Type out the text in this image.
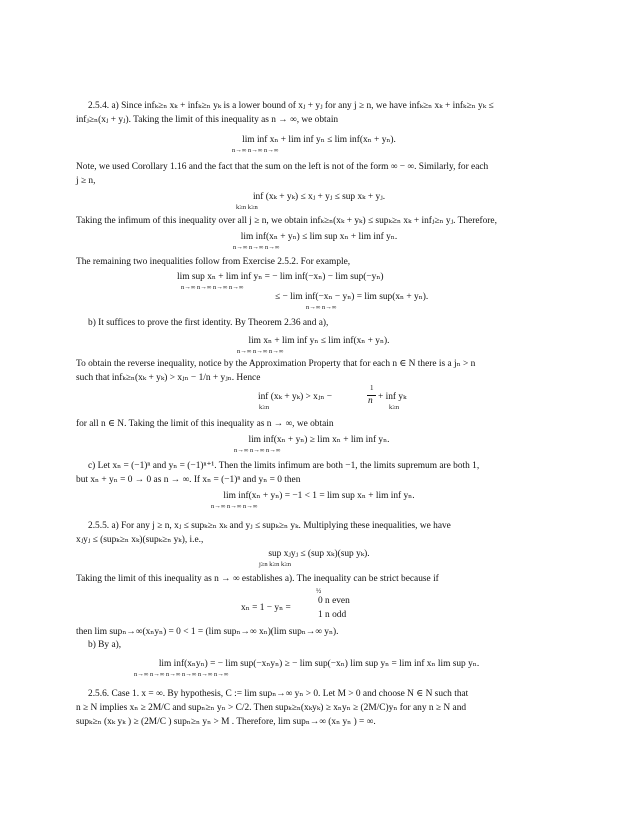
2.5.4. a) Since infₖ≥ₙ xₖ + infₖ≥ₙ yₖ is a lower bound of xⱼ + yⱼ for any j ≥ n, we have infₖ≥ₙ xₖ + infₖ≥ₙ yₖ ≤
infⱼ≥ₙ(xⱼ + yⱼ). Taking the limit of this inequality as n → ∞, we obtain
lim inf xₙ + lim inf yₙ ≤ lim inf(xₙ + yₙ).
n→∞ n→∞ n→∞
Note, we used Corollary 1.16 and the fact that the sum on the left is not of the form ∞ − ∞. Similarly, for each
j ≥ n,
inf (xₖ + yₖ) ≤ xⱼ + yⱼ ≤ sup xₖ + yⱼ.
k≥n k≥n
Taking the infimum of this inequality over all j ≥ n, we obtain infₖ≥ₙ(xₖ + yₖ) ≤ supₖ≥ₙ xₖ + infⱼ≥ₙ yⱼ. Therefore,
lim inf(xₙ + yₙ) ≤ lim sup xₙ + lim inf yₙ.
n→∞ n→∞ n→∞
The remaining two inequalities follow from Exercise 2.5.2. For example,
lim sup xₙ + lim inf yₙ = − lim inf(−xₙ) − lim sup(−yₙ)
n→∞ n→∞ n→∞ n→∞
≤ − lim inf(−xₙ − yₙ) = lim sup(xₙ + yₙ).
n→∞ n→∞
b) It suffices to prove the first identity. By Theorem 2.36 and a),
lim xₙ + lim inf yₙ ≤ lim inf(xₙ + yₙ).
n→∞ n→∞ n→∞
To obtain the reverse inequality, notice by the Approximation Property that for each n ∈ N there is a jₙ > n
such that infₖ≥ₙ(xₖ + yₖ) > xⱼₙ − 1/n + yⱼₙ. Hence
inf (xₖ + yₖ) > xⱼₙ −
1
n + inf yₖ
k≥n	k≥n
for all n ∈ N. Taking the limit of this inequality as n → ∞, we obtain
lim inf(xₙ + yₙ) ≥ lim xₙ + lim inf yₙ.
n→∞ n→∞ n→∞
c) Let xₙ = (−1)ⁿ and yₙ = (−1)ⁿ⁺¹. Then the limits infimum are both −1, the limits supremum are both 1,
but xₙ + yₙ = 0 → 0 as n → ∞. If xₙ = (−1)ⁿ and yₙ = 0 then
lim inf(xₙ + yₙ) = −1 < 1 = lim sup xₙ + lim inf yₙ.
n→∞ n→∞ n→∞
2.5.5. a) For any j ≥ n, xⱼ ≤ supₖ≥ₙ xₖ and yⱼ ≤ supₖ≥ₙ yₖ. Multiplying these inequalities, we have
xⱼyⱼ ≤ (supₖ≥ₙ xₖ)(supₖ≥ₙ yₖ), i.e.,
sup xⱼyⱼ ≤ (sup xₖ)(sup yₖ).
j≥n k≥n k≥n
Taking the limit of this inequality as n → ∞ establishes a). The inequality can be strict because if
½
xₙ = 1 − yₙ =
0 n even
1 n odd
then lim supₙ→∞(xₙyₙ) = 0 < 1 = (lim supₙ→∞ xₙ)(lim supₙ→∞ yₙ).
b) By a),
lim inf(xₙyₙ) = − lim sup(−xₙyₙ) ≥ − lim sup(−xₙ) lim sup yₙ = lim inf xₙ lim sup yₙ.
n→∞ n→∞ n→∞ n→∞ n→∞ n→∞
2.5.6. Case 1. x = ∞. By hypothesis, C := lim supₙ→∞ yₙ > 0. Let M > 0 and choose N ∈ N such that
n ≥ N implies xₙ ≥ 2M/C and supₙ≥ₙ yₙ > C/2. Then supₖ≥ₙ(xₖyₖ) ≥ xₙyₙ ≥ (2M/C)yₙ for any n ≥ N and
supₖ≥ₙ (xₖ yₖ ) ≥ (2M/C ) supₙ≥ₙ yₙ > M . Therefore, lim supₙ→∞ (xₙ yₙ ) = ∞.
